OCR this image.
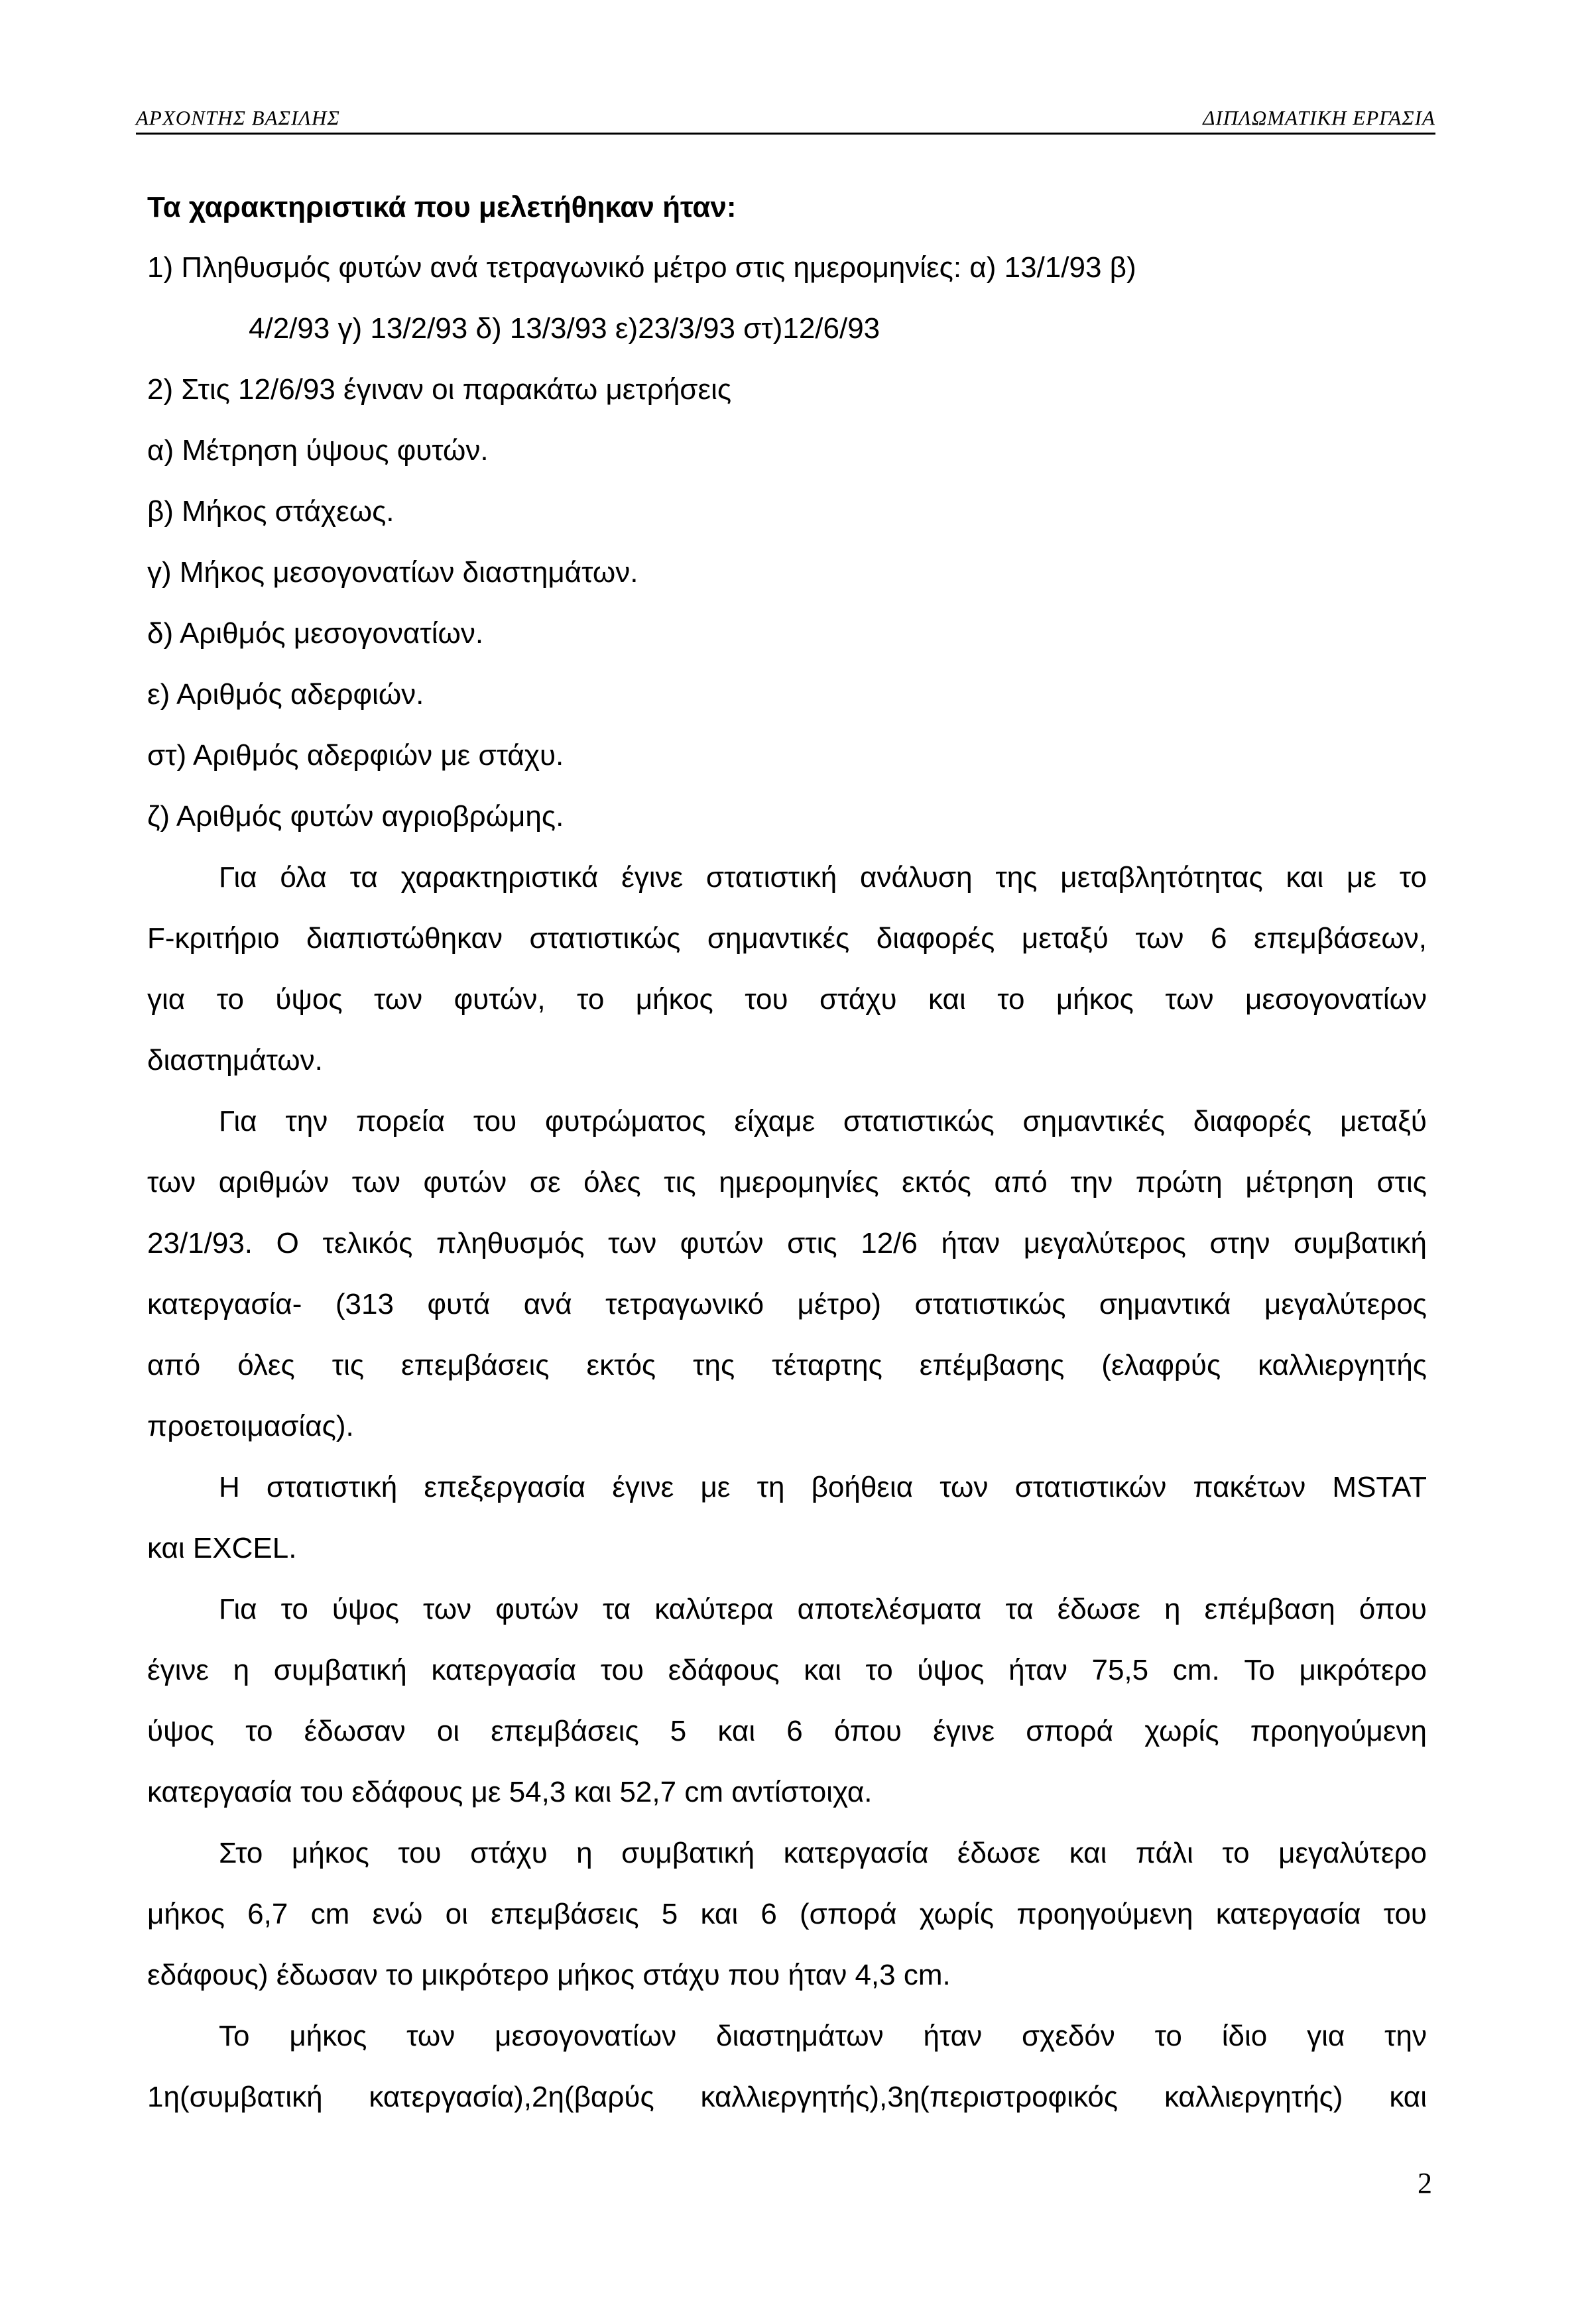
ΑΡΧΟΝΤΗΣ ΒΑΣΙΛΗΣ	ΔΙΠΛΩΜΑΤΙΚΗ ΕΡΓΑΣΙΑ

Τα χαρακτηριστικά που μελετήθηκαν ήταν:

1) Πληθυσμός φυτών ανά τετραγωνικό μέτρο στις ημερομηνίες: α) 13/1/93 β)

4/2/93 γ) 13/2/93 δ) 13/3/93 ε)23/3/93 στ)12/6/93

2) Στις 12/6/93 έγιναν οι παρακάτω μετρήσεις

α) Μέτρηση ύψους φυτών.

β) Μήκος στάχεως.

γ) Μήκος μεσογονατίων διαστημάτων.

δ) Αριθμός μεσογονατίων.

ε) Αριθμός αδερφιών.

στ) Αριθμός αδερφιών με στάχυ.

ζ) Αριθμός φυτών αγριοβρώμης.

Για όλα τα χαρακτηριστικά έγινε στατιστική ανάλυση της μεταβλητότητας και με το

F-κριτήριο διαπιστώθηκαν στατιστικώς σημαντικές διαφορές μεταξύ των 6 επεμβάσεων,

για το ύψος των φυτών, το μήκος του στάχυ και το μήκος των μεσογονατίων

διαστημάτων.

Για την πορεία του φυτρώματος είχαμε στατιστικώς σημαντικές διαφορές μεταξύ

των αριθμών των φυτών σε όλες τις ημερομηνίες εκτός από την πρώτη μέτρηση στις

23/1/93. Ο τελικός πληθυσμός των φυτών στις 12/6 ήταν μεγαλύτερος στην συμβατική

κατεργασία- (313 φυτά ανά τετραγωνικό μέτρο) στατιστικώς σημαντικά μεγαλύτερος

από όλες τις επεμβάσεις εκτός της τέταρτης επέμβασης (ελαφρύς καλλιεργητής

προετοιμασίας).

Η στατιστική επεξεργασία έγινε με τη βοήθεια των στατιστικών πακέτων MSTAT

και EXCEL.

Για το ύψος των φυτών τα καλύτερα αποτελέσματα τα έδωσε η επέμβαση όπου

έγινε η συμβατική κατεργασία του εδάφους και το ύψος ήταν 75,5 cm. Το μικρότερο

ύψος το έδωσαν οι επεμβάσεις 5 και 6 όπου έγινε σπορά χωρίς προηγούμενη

κατεργασία του εδάφους με 54,3 και 52,7 cm αντίστοιχα.

Στο μήκος του στάχυ η συμβατική κατεργασία έδωσε και πάλι το μεγαλύτερο

μήκος 6,7 cm ενώ οι επεμβάσεις 5 και 6 (σπορά χωρίς προηγούμενη κατεργασία του

εδάφους) έδωσαν το μικρότερο μήκος στάχυ που ήταν 4,3 cm.

Το μήκος των μεσογονατίων διαστημάτων ήταν σχεδόν το ίδιο για την

1η(συμβατική κατεργασία),2η(βαρύς καλλιεργητής),3η(περιστροφικός καλλιεργητής) και

2
